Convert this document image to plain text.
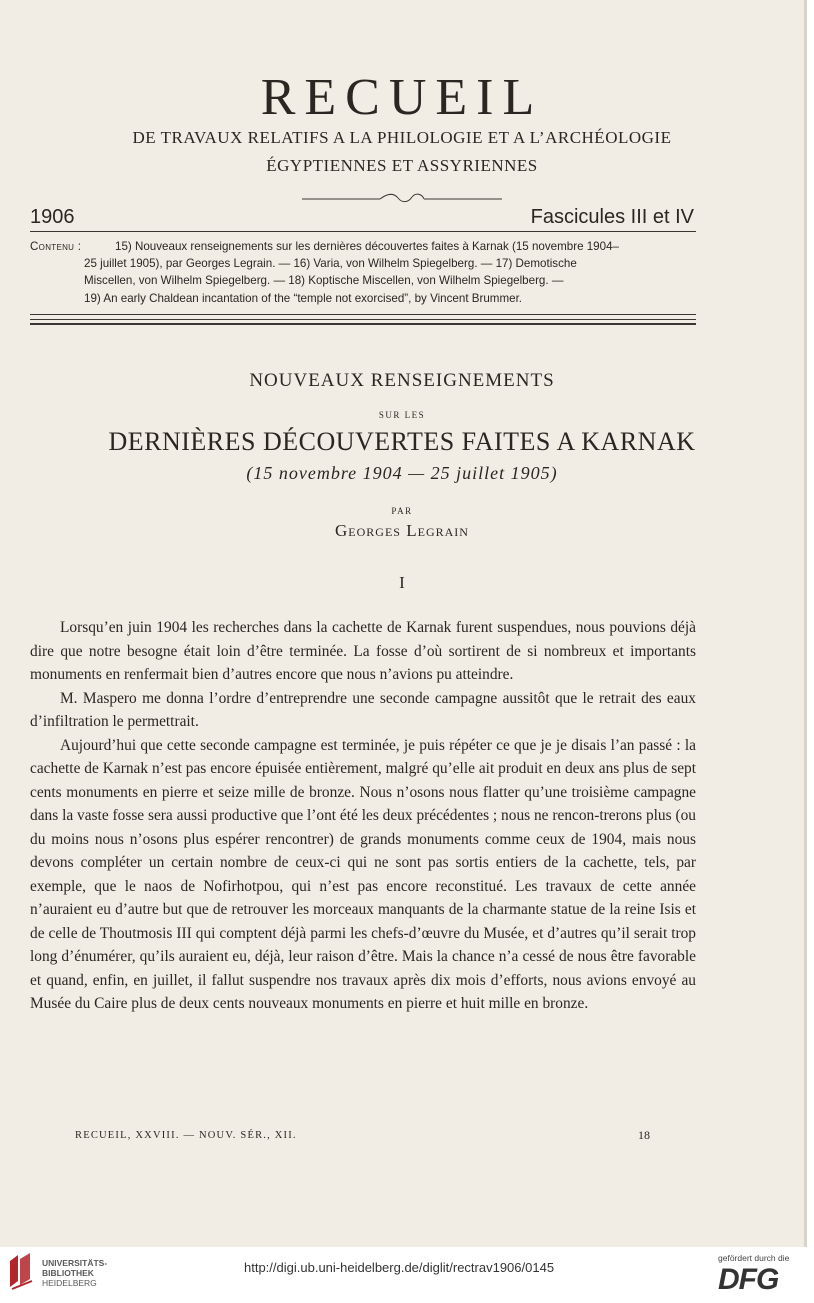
RECUEIL
DE TRAVAUX RELATIFS A LA PHILOLOGIE ET A L’ARCHÉOLOGIE
ÉGYPTIENNES ET ASSYRIENNES
1906	Fascicules III et IV
Contenu :	15) Nouveaux renseignements sur les dernières découvertes faites à Karnak (15 novembre 1904–
25 juillet 1905), par Georges Legrain. — 16) Varia, von Wilhelm Spiegelberg. — 17) Demotische
Miscellen, von Wilhelm Spiegelberg. — 18) Koptische Miscellen, von Wilhelm Spiegelberg. —
19) An early Chaldean incantation of the “temple not exorcised”, by Vincent Brummer.
NOUVEAUX RENSEIGNEMENTS
SUR LES
DERNIÈRES DÉCOUVERTES FAITES A KARNAK
(15 novembre 1904 — 25 juillet 1905)
PAR
Georges Legrain
I

Lorsqu’en juin 1904 les recherches dans la cachette de Karnak furent suspendues, nous pouvions déjà dire que notre besogne était loin d’être terminée. La fosse d’où sortirent de si nombreux et importants monuments en renfermait bien d’autres encore que nous n’avions pu atteindre.

M. Maspero me donna l’ordre d’entreprendre une seconde campagne aussitôt que le retrait des eaux d’infiltration le permettrait.

Aujourd’hui que cette seconde campagne est terminée, je puis répéter ce que je je disais l’an passé : la cachette de Karnak n’est pas encore épuisée entièrement, malgré qu’elle ait produit en deux ans plus de sept cents monuments en pierre et seize mille de bronze. Nous n’osons nous flatter qu’une troisième campagne dans la vaste fosse sera aussi productive que l’ont été les deux précédentes ; nous ne rencon-trerons plus (ou du moins nous n’osons plus espérer rencontrer) de grands monuments comme ceux de 1904, mais nous devons compléter un certain nombre de ceux-ci qui ne sont pas sortis entiers de la cachette, tels, par exemple, que le naos de Nofirhotpou, qui n’est pas encore reconstitué. Les travaux de cette année n’auraient eu d’autre but que de retrouver les morceaux manquants de la charmante statue de la reine Isis et de celle de Thoutmosis III qui comptent déjà parmi les chefs-d’œuvre du Musée, et d’autres qu’il serait trop long d’énumérer, qu’ils auraient eu, déjà, leur raison d’être. Mais la chance n’a cessé de nous être favorable et quand, enfin, en juillet, il fallut suspendre nos travaux après dix mois d’efforts, nous avions envoyé au Musée du Caire plus de deux cents nouveaux monuments en pierre et huit mille en bronze.

RECUEIL, XXVIII. — NOUV. SÉR., XII.	18
UNIVERSITÄTS-
BIBLIOTHEK
HEIDELBERG
http://digi.ub.uni-heidelberg.de/diglit/rectrav1906/0145
gefördert durch die
DFG
